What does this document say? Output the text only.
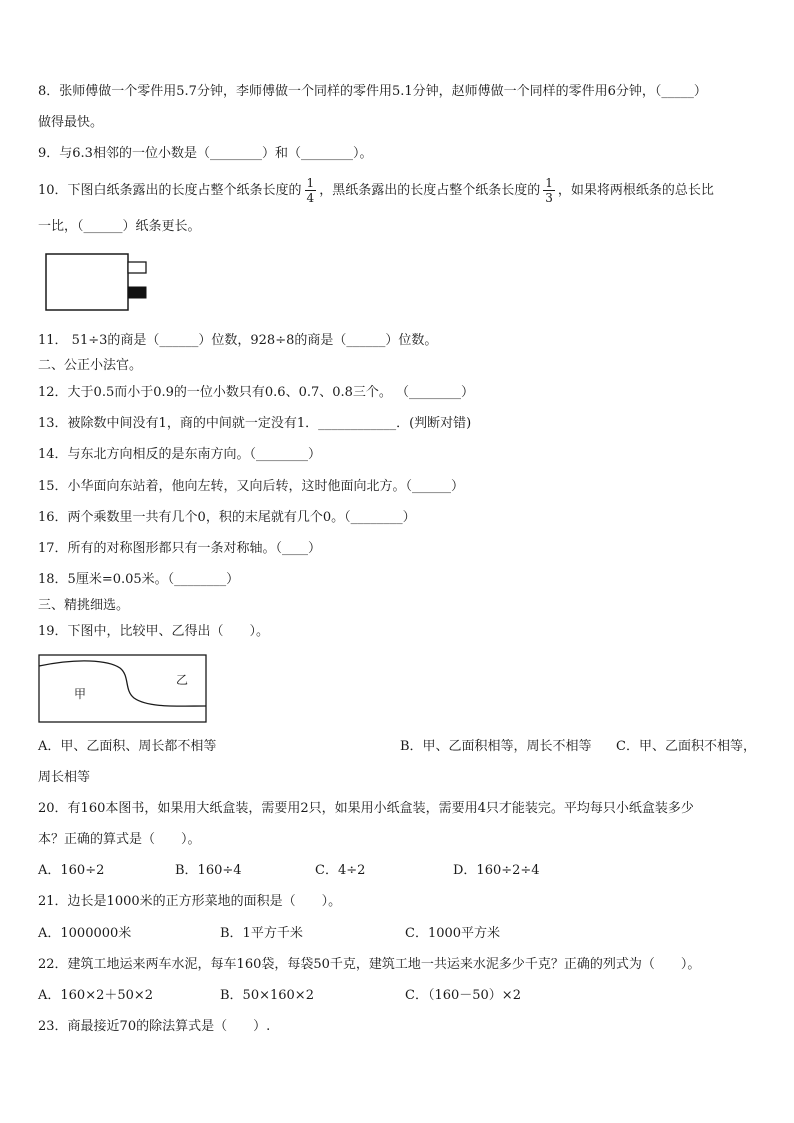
8．张师傅做一个零件用5.7分钟，李师傅做一个同样的零件用5.1分钟，赵师傅做一个同样的零件用6分钟，（_____）
做得最快。
9．与6.3相邻的一位小数是（________）和（________）。
10．下图白纸条露出的长度占整个纸条长度的 $\frac{1}{4}$ ，黑纸条露出的长度占整个纸条长度的 $\frac{1}{3}$ ，如果将两根纸条的总长比
一比，（______）纸条更长。
11． 51÷3的商是（______）位数，928÷8的商是（______）位数。
二、公正小法官。
12．大于0.5而小于0.9的一位小数只有0.6、0.7、0.8三个。 （________）
13．被除数中间没有1，商的中间就一定没有1．____________．(判断对错)
14．与东北方向相反的是东南方向。（________）
15．小华面向东站着，他向左转，又向后转，这时他面向北方。（______）
16．两个乘数里一共有几个0，积的末尾就有几个0。（________）
17．所有的对称图形都只有一条对称轴。（____）
18．5厘米=0.05米。（________）
三、精挑细选。
19．下图中，比较甲、乙得出（　　）。
甲
乙
A．甲、乙面积、周长都不相等	B．甲、乙面积相等，周长不相等 C．甲、乙面积不相等，
周长相等
20．有160本图书，如果用大纸盒装，需要用2只，如果用小纸盒装，需要用4只才能装完。平均每只小纸盒装多少
本？正确的算式是（　　）。
A．160÷2	B．160÷4	C．4÷2	D．160÷2÷4
21．边长是1000米的正方形菜地的面积是（　　）。
A．1000000米	B．1平方千米	C．1000平方米
22．建筑工地运来两车水泥，每车160袋，每袋50千克，建筑工地一共运来水泥多少千克？正确的列式为（　　）。
A．160×2＋50×2	B．50×160×2	C．（160－50）×2
23．商最接近70的除法算式是（　　）.
